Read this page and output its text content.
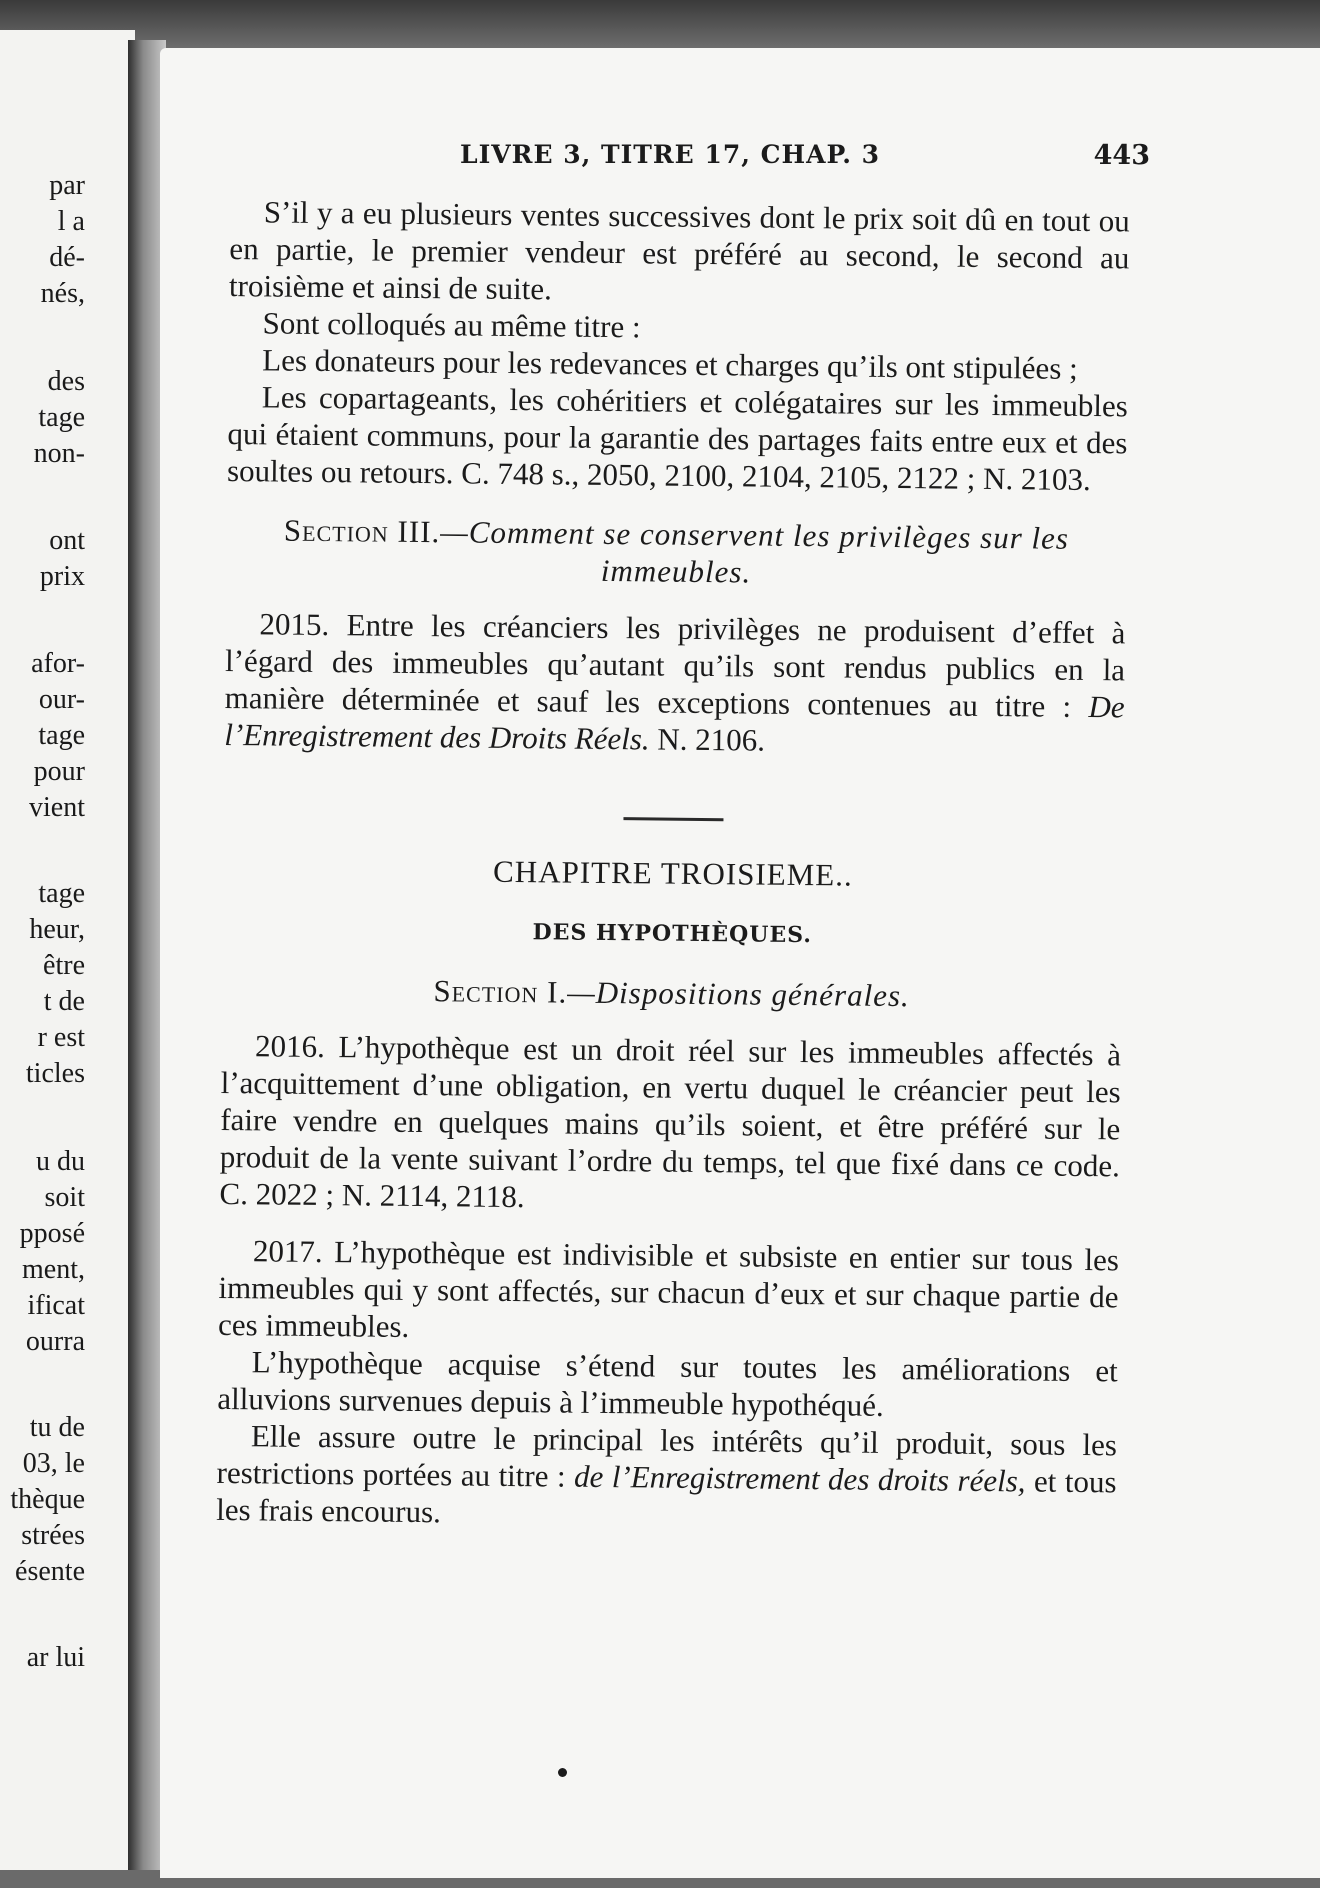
par
l a
dé-
nés,
des
tage
non-
ont
prix
afor-
our-
tage
pour
vient
tage
heur,
être
t de
r est
ticles
u du
soit
pposé
ment,
ificat
ourra
tu de
03, le
thèque
strées
ésente
ar lui
LIVRE 3, TITRE 17, CHAP. 3	443

S’il y a eu plusieurs ventes successives dont le prix soit dû en tout ou en partie, le premier vendeur est préféré au second, le second au troisième et ainsi de suite.

Sont colloqués au même titre :

Les donateurs pour les redevances et charges qu’ils ont stipulées ;

Les copartageants, les cohéritiers et colégataires sur les immeubles qui étaient communs, pour la garantie des partages faits entre eux et des soultes ou retours. C. 748 s., 2050, 2100, 2104, 2105, 2122 ; N. 2103.

Section III.—Comment se conservent les privilèges sur les immeubles.

2015. Entre les créanciers les privilèges ne produisent d’effet à l’égard des immeubles qu’autant qu’ils sont rendus publics en la manière déterminée et sauf les exceptions contenues au titre : De l’Enregistrement des Droits Réels. N. 2106.

CHAPITRE TROISIEME..
DES HYPOTHÈQUES.
Section I.—Dispositions générales.

2016. L’hypothèque est un droit réel sur les immeubles affectés à l’acquittement d’une obligation, en vertu duquel le créancier peut les faire vendre en quelques mains qu’ils soient, et être préféré sur le produit de la vente suivant l’ordre du temps, tel que fixé dans ce code. C. 2022 ; N. 2114, 2118.

2017. L’hypothèque est indivisible et subsiste en entier sur tous les immeubles qui y sont affectés, sur chacun d’eux et sur chaque partie de ces immeubles.

L’hypothèque acquise s’étend sur toutes les améliorations et alluvions survenues depuis à l’immeuble hypothéqué.

Elle assure outre le principal les intérêts qu’il produit, sous les restrictions portées au titre : de l’Enregistrement des droits réels, et tous les frais encourus.
